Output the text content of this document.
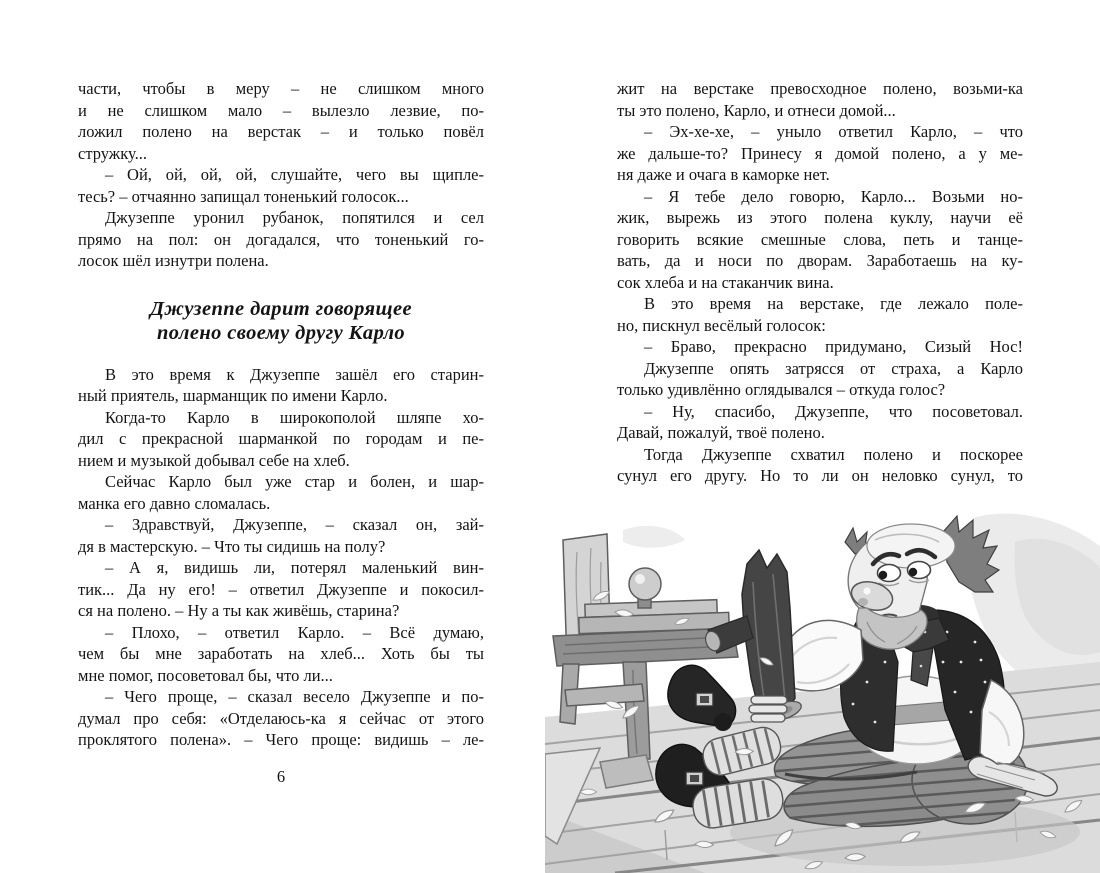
части, чтобы в меру – не слишком много
и не слишком мало – вылезло лезвие, по-
ложил полено на верстак – и только повёл
стружку...
– Ой, ой, ой, ой, слушайте, чего вы щипле-
тесь? – отчаянно запищал тоненький голосок...
Джузеппе уронил рубанок, попятился и сел
прямо на пол: он догадался, что тоненький го-
лосок шёл изнутри полена.
Джузеппе дарит говорящее
полено своему другу Карло
В это время к Джузеппе зашёл его старин-
ный приятель, шарманщик по имени Карло.
Когда-то Карло в широкополой шляпе хо-
дил с прекрасной шарманкой по городам и пе-
нием и музыкой добывал себе на хлеб.
Сейчас Карло был уже стар и болен, и шар-
манка его давно сломалась.
– Здравствуй, Джузеппе, – сказал он, зай-
дя в мастерскую. – Что ты сидишь на полу?
– А я, видишь ли, потерял маленький вин-
тик... Да ну его! – ответил Джузеппе и покосил-
ся на полено. – Ну а ты как живёшь, старина?
– Плохо, – ответил Карло. – Всё думаю,
чем бы мне заработать на хлеб... Хоть бы ты
мне помог, посоветовал бы, что ли...
– Чего проще, – сказал весело Джузеппе и по-
думал про себя: «Отделаюсь-ка я сейчас от этого
проклятого полена». – Чего проще: видишь – ле-
6
жит на верстаке превосходное полено, возьми-ка
ты это полено, Карло, и отнеси домой...
– Эх-хе-хе, – уныло ответил Карло, – что
же дальше-то? Принесу я домой полено, а у ме-
ня даже и очага в каморке нет.
– Я тебе дело говорю, Карло... Возьми но-
жик, вырежь из этого полена куклу, научи её
говорить всякие смешные слова, петь и танце-
вать, да и носи по дворам. Заработаешь на ку-
сок хлеба и на стаканчик вина.
В это время на верстаке, где лежало поле-
но, пискнул весёлый голосок:
– Браво, прекрасно придумано, Сизый Нос!
Джузеппе опять затрясся от страха, а Карло
только удивлённо оглядывался – откуда голос?
– Ну, спасибо, Джузеппе, что посоветовал.
Давай, пожалуй, твоё полено.
Тогда Джузеппе схватил полено и поскорее
сунул его другу. Но то ли он неловко сунул, то
